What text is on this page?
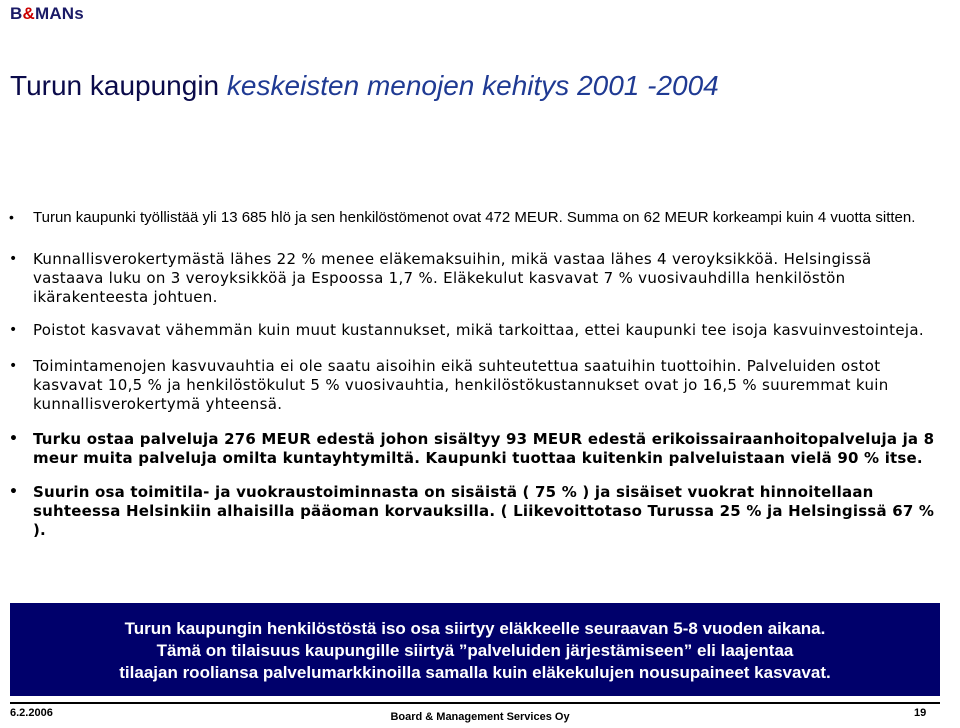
B&MANs
Turun kaupungin keskeisten menojen kehitys 2001 -2004
• Turun kaupunki työllistää yli 13 685 hlö ja sen henkilöstömenot ovat 472 MEUR. Summa on 62 MEUR korkeampi kuin 4 vuotta sitten.
• Kunnallisverokertymästä lähes 22 % menee eläkemaksuihin, mikä vastaa lähes 4 veroyksikköä. Helsingissä vastaava luku on 3 veroyksikköä ja Espoossa 1,7 %. Eläkekulut kasvavat 7 % vuosivauhdilla henkilöstön ikärakenteesta johtuen.
• Poistot kasvavat vähemmän kuin muut kustannukset, mikä tarkoittaa, ettei kaupunki tee isoja kasvuinvestointeja.
• Toimintamenojen kasvuvauhtia ei ole saatu aisoihin eikä suhteutettua saatuihin tuottoihin. Palveluiden ostot kasvavat 10,5 % ja henkilöstökulut 5 % vuosivauhtia, henkilöstökustannukset ovat jo 16,5 % suuremmat kuin kunnallisverokertymä yhteensä.
• Turku ostaa palveluja 276 MEUR edestä johon sisältyy 93 MEUR edestä erikoissairaanhoitopalveluja ja 8 meur muita palveluja omilta kuntayhtymiltä. Kaupunki tuottaa kuitenkin palveluistaan vielä 90 % itse.
• Suurin osa toimitila- ja vuokraustoiminnasta on sisäistä ( 75 % ) ja sisäiset vuokrat hinnoitellaan suhteessa Helsinkiin alhaisilla pääoman korvauksilla. ( Liikevoittotaso Turussa 25 % ja Helsingissä 67 % ).
Turun kaupungin henkilöstöstä iso osa siirtyy eläkkeelle seuraavan 5-8 vuoden aikana.
Tämä on tilaisuus kaupungille siirtyä ”palveluiden järjestämiseen” eli laajentaa
tilaajan rooliansa palvelumarkkinoilla samalla kuin eläkekulujen nousupaineet kasvavat.
6.2.2006	Board & Management Services Oy	19
